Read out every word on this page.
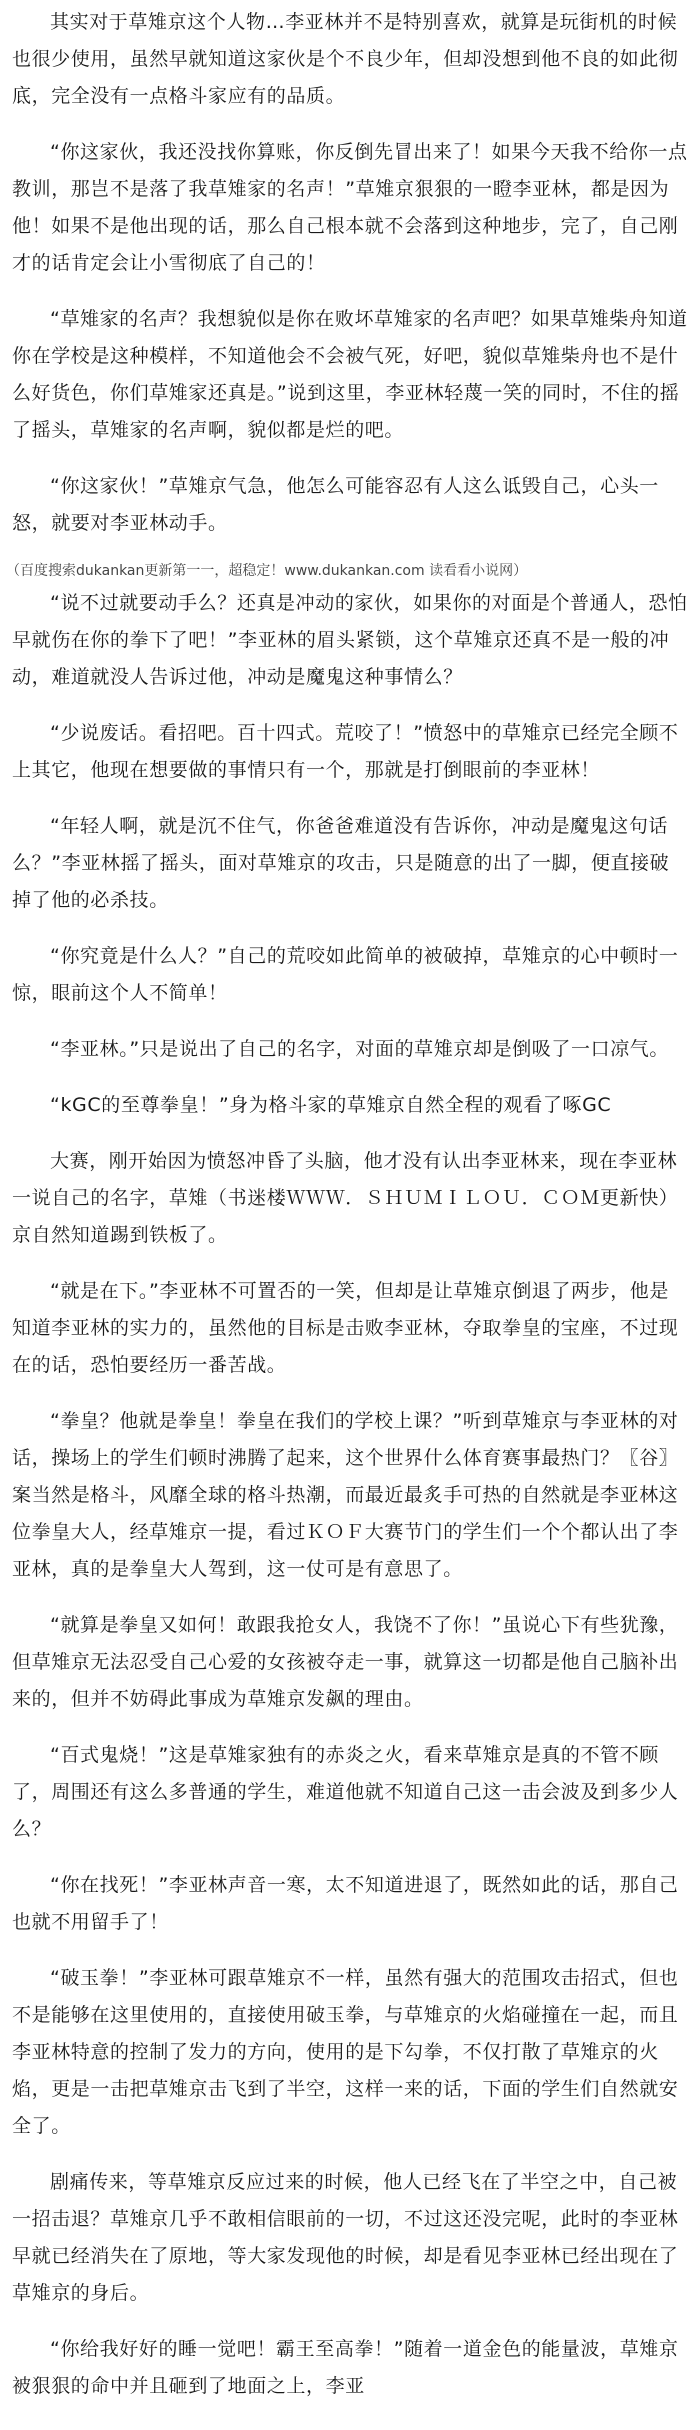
其实对于草雉京这个人物…李亚林并不是特别喜欢，就算是玩街机的时候也很少使用，虽然早就知道这家伙是个不良少年，但却没想到他不良的如此彻底，完全没有一点格斗家应有的品质。

“你这家伙，我还没找你算账，你反倒先冒出来了！如果今天我不给你一点教训，那岂不是落了我草雉家的名声！”草雉京狠狠的一瞪李亚林，都是因为他！如果不是他出现的话，那么自己根本就不会落到这种地步，完了，自己刚才的话肯定会让小雪彻底了自己的！

“草雉家的名声？我想貌似是你在败坏草雉家的名声吧？如果草雉柴舟知道你在学校是这种模样，不知道他会不会被气死，好吧，貌似草雉柴舟也不是什么好货色，你们草雉家还真是。”说到这里，李亚林轻蔑一笑的同时，不住的摇了摇头，草雉家的名声啊，貌似都是烂的吧。

“你这家伙！”草雉京气急，他怎么可能容忍有人这么诋毁自己，心头一怒，就要对李亚林动手。

（百度搜索dukankan更新第一一，超稳定！www.dukankan.com 读看看小说网）

“说不过就要动手么？还真是冲动的家伙，如果你的对面是个普通人，恐怕早就伤在你的拳下了吧！”李亚林的眉头紧锁，这个草雉京还真不是一般的冲动，难道就没人告诉过他，冲动是魔鬼这种事情么？

“少说废话。看招吧。百十四式。荒咬了！”愤怒中的草雉京已经完全顾不上其它，他现在想要做的事情只有一个，那就是打倒眼前的李亚林！

“年轻人啊，就是沉不住气，你爸爸难道没有告诉你，冲动是魔鬼这句话么？”李亚林摇了摇头，面对草雉京的攻击，只是随意的出了一脚，便直接破掉了他的必杀技。

“你究竟是什么人？”自己的荒咬如此简单的被破掉，草雉京的心中顿时一惊，眼前这个人不简单！

“李亚林。”只是说出了自己的名字，对面的草雉京却是倒吸了一口凉气。

“kGC的至尊拳皇！”身为格斗家的草雉京自然全程的观看了啄GC

大赛，刚开始因为愤怒冲昏了头脑，他才没有认出李亚林来，现在李亚林一说自己的名字，草雉（书迷楼ＷＷＷ．ＳＨＵＭＩＬＯＵ．ＣＯＭ更新快）京自然知道踢到铁板了。

“就是在下。”李亚林不可置否的一笑，但却是让草雉京倒退了两步，他是知道李亚林的实力的，虽然他的目标是击败李亚林，夺取拳皇的宝座，不过现在的话，恐怕要经历一番苦战。

“拳皇？他就是拳皇！拳皇在我们的学校上课？”听到草雉京与李亚林的对话，操场上的学生们顿时沸腾了起来，这个世界什么体育赛事最热门？〖谷〗案当然是格斗，风靡全球的格斗热潮，而最近最炙手可热的自然就是李亚林这位拳皇大人，经草雉京一提，看过ＫＯＦ大赛节门的学生们一个个都认出了李亚林，真的是拳皇大人驾到，这一仗可是有意思了。

“就算是拳皇又如何！敢跟我抢女人，我饶不了你！”虽说心下有些犹豫，但草雉京无法忍受自己心爱的女孩被夺走一事，就算这一切都是他自己脑补出来的，但并不妨碍此事成为草雉京发飙的理由。

“百式鬼烧！”这是草雉家独有的赤炎之火，看来草雉京是真的不管不顾了，周围还有这么多普通的学生，难道他就不知道自己这一击会波及到多少人么？

“你在找死！”李亚林声音一寒，太不知道进退了，既然如此的话，那自己也就不用留手了！

“破玉拳！”李亚林可跟草雉京不一样，虽然有强大的范围攻击招式，但也不是能够在这里使用的，直接使用破玉拳，与草雉京的火焰碰撞在一起，而且李亚林特意的控制了发力的方向，使用的是下勾拳，不仅打散了草雉京的火焰，更是一击把草雉京击飞到了半空，这样一来的话，下面的学生们自然就安全了。

剧痛传来，等草雉京反应过来的时候，他人已经飞在了半空之中，自己被一招击退？草雉京几乎不敢相信眼前的一切，不过这还没完呢，此时的李亚林早就已经消失在了原地，等大家发现他的时候，却是看见李亚林已经出现在了草雉京的身后。

“你给我好好的睡一觉吧！霸王至高拳！”随着一道金色的能量波，草雉京被狠狠的命中并且砸到了地面之上，李亚
